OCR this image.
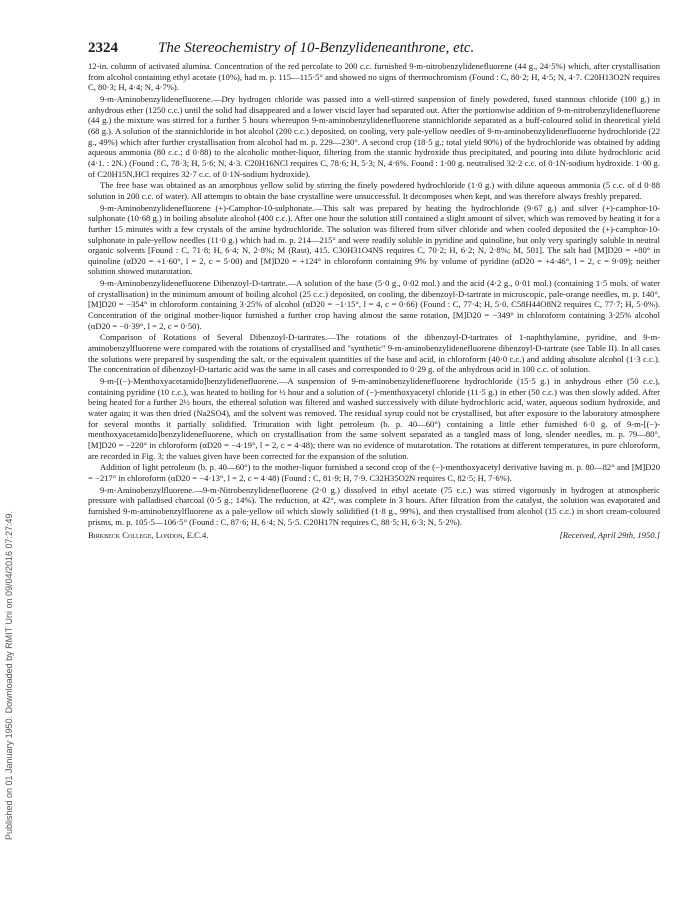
Published on 01 January 1950. Downloaded by RMIT Uni on 09/04/2016 07:27:49.
2324	The Stereochemistry of 10-Benzylideneanthrone, etc.

12-in. column of activated alumina. Concentration of the red percolate to 200 c.c. furnished 9-m-nitrobenzylidenefluorene (44 g., 24·5%) which, after crystallisation from alcohol containing ethyl acetate (10%), had m. p. 115—115·5° and showed no signs of thermochromism (Found : C, 80·2; H, 4·5; N, 4·7. C20H13O2N requires C, 80·3; H, 4·4; N, 4·7%).

9-m-Aminobenzylidenefluorene.—Dry hydrogen chloride was passed into a well-stirred suspension of finely powdered, fused stannous chloride (100 g.) in anhydrous ether (1250 c.c.) until the solid had disappeared and a lower viscid layer had separated out. After the portionwise addition of 9-m-nitrobenzylidenefluorene (44 g.) the mixture was stirred for a further 5 hours whereupon 9-m-aminobenzylidenefluorene stannichloride separated as a buff-coloured solid in theoretical yield (68 g.). A solution of the stannichloride in hot alcohol (200 c.c.) deposited, on cooling, very pale-yellow needles of 9-m-aminobenzylidenefluorene hydrochloride (22 g., 49%) which after further crystallisation from alcohol had m. p. 229—230°. A second crop (18·5 g.; total yield 90%) of the hydrochloride was obtained by adding aqueous ammonia (80 c.c.; d 0·88) to the alcoholic mother-liquor, filtering from the stannic hydroxide thus precipitated, and pouring into dilute hydrochloric acid (4·1. : 2N.) (Found : C, 78·3; H, 5·6; N, 4·3. C20H16NCl requires C, 78·6; H, 5·3; N, 4·6%. Found : 1·00 g. neutralised 32·2 c.c. of 0·1N-sodium hydroxide. 1·00 g. of C20H15N,HCl requires 32·7 c.c. of 0·1N-sodium hydroxide).

The free base was obtained as an amorphous yellow solid by stirring the finely powdered hydrochloride (1·0 g.) with dilute aqueous ammonia (5 c.c. of d 0·88 solution in 200 c.c. of water). All attempts to obtain the base crystalline were unsuccessful. It decomposes when kept, and was therefore always freshly prepared.

9-m-Aminobenzylidenefluorene (+)-Camphor-10-sulphonate.—This salt was prepared by heating the hydrochloride (9·67 g.) and silver (+)-camphor-10-sulphonate (10·68 g.) in boiling absolute alcohol (400 c.c.). After one hour the solution still contained a slight amount of silver, which was removed by heating it for a further 15 minutes with a few crystals of the amine hydrochloride. The solution was filtered from silver chloride and when cooled deposited the (+)-camphor-10-sulphonate in pale-yellow needles (11·0 g.) which had m. p. 214—215° and were readily soluble in pyridine and quinoline, but only very sparingly soluble in neutral organic solvents [Found : C, 71·8; H, 6·4; N, 2·8%; M (Rast), 415. C30H31O4NS requires C, 70·2; H, 6·2; N, 2·8%; M, 501]. The salt had [M]D20 = +80° in quinoline (αD20 = +1·60°, l = 2, c = 5·00) and [M]D20 = +124° in chloroform containing 9% by volume of pyridine (αD20 = +4·46°, l = 2, c = 9·09); neither solution showed mutarotation.

9-m-Aminobenzylidenefluorene Dibenzoyl-D-tartrate.—A solution of the base (5·0 g., 0·02 mol.) and the acid (4·2 g., 0·01 mol.) (containing 1·5 mols. of water of crystallisation) in the minimum amount of boiling alcohol (25 c.c.) deposited, on cooling, the dibenzoyl-D-tartrate in microscopic, pale-orange needles, m. p. 140°, [M]D20 = −354° in chloroform containing 3·25% of alcohol (αD20 = −1·15°, l = 4, c = 0·66) (Found : C, 77·4; H, 5·0. C58H44O8N2 requires C, 77·7; H, 5·0%). Concentration of the original mother-liquor furnished a further crop having almost the same rotation, [M]D20 = −349° in chloroform containing 3·25% alcohol (αD20 = −0·39°, l = 2, c = 0·50).

Comparison of Rotations of Several Dibenzoyl-D-tartrates.—The rotations of the dibenzoyl-D-tartrates of 1-naphthylamine, pyridine, and 9-m-aminobenzylfluorene were compared with the rotations of crystallised and "synthetic" 9-m-aminobenzylidenefluorene dibenzoyl-D-tartrate (see Table II). In all cases the solutions were prepared by suspending the salt, or the equivalent quantities of the base and acid, in chloroform (40·0 c.c.) and adding absolute alcohol (1·3 c.c.). The concentration of dibenzoyl-D-tartaric acid was the same in all cases and corresponded to 0·29 g. of the anhydrous acid in 100 c.c. of solution.

9-m-[(−)-Menthoxyacetamido]benzylidenefluorene.—A suspension of 9-m-aminobenzylidenefluorene hydrochloride (15·5 g.) in anhydrous ether (50 c.c.), containing pyridine (10 c.c.), was heated to boiling for ½ hour and a solution of (−)-menthoxyacetyl chloride (11·5 g.) in ether (50 c.c.) was then slowly added. After being heated for a further 2½ hours, the ethereal solution was filtered and washed successively with dilute hydrochloric acid, water, aqueous sodium hydroxide, and water again; it was then dried (Na2SO4), and the solvent was removed. The residual syrup could not be crystallised, but after exposure to the laboratory atmosphere for several months it partially solidified. Trituration with light petroleum (b. p. 40—60°) containing a little ether furnished 6·0 g. of 9-m-[(−)-menthoxyacetamido]benzylidenefluorene, which on crystallisation from the same solvent separated as a tangled mass of long, slender needles, m. p. 79—80°, [M]D20 = −220° in chloroform (αD20 = −4·19°, l = 2, c = 4·48); there was no evidence of mutarotation. The rotations at different temperatures, in pure chloroform, are recorded in Fig. 3; the values given have been corrected for the expansion of the solution.

Addition of light petroleum (b. p. 40—60°) to the mother-liquor furnished a second crop of the (−)-menthoxyacetyl derivative having m. p. 80—82° and [M]D20 = −217° in chloroform (αD20 = −4·13°, l = 2, c = 4·48) (Found : C, 81·9; H, 7·9. C32H35O2N requires C, 82·5; H, 7·6%).

9-m-Aminobenzylfluorene.—9-m-Nitrobenzylidenefluorene (2·0 g.) dissolved in ethyl acetate (75 c.c.) was stirred vigorously in hydrogen at atmospheric pressure with palladised charcoal (0·5 g.; 14%). The reduction, at 42°, was complete in 3 hours. After filtration from the catalyst, the solution was evaporated and furnished 9-m-aminobenzylfluorene as a pale-yellow oil which slowly solidified (1·8 g., 99%), and then crystallised from alcohol (15 c.c.) in short cream-coloured prisms, m. p. 105·5—106·5° (Found : C, 87·6; H, 6·4; N, 5·5. C20H17N requires C, 88·5; H, 6·3; N, 5·2%).

Birkbeck College, London, E.C.4.	[Received, April 29th, 1950.]
